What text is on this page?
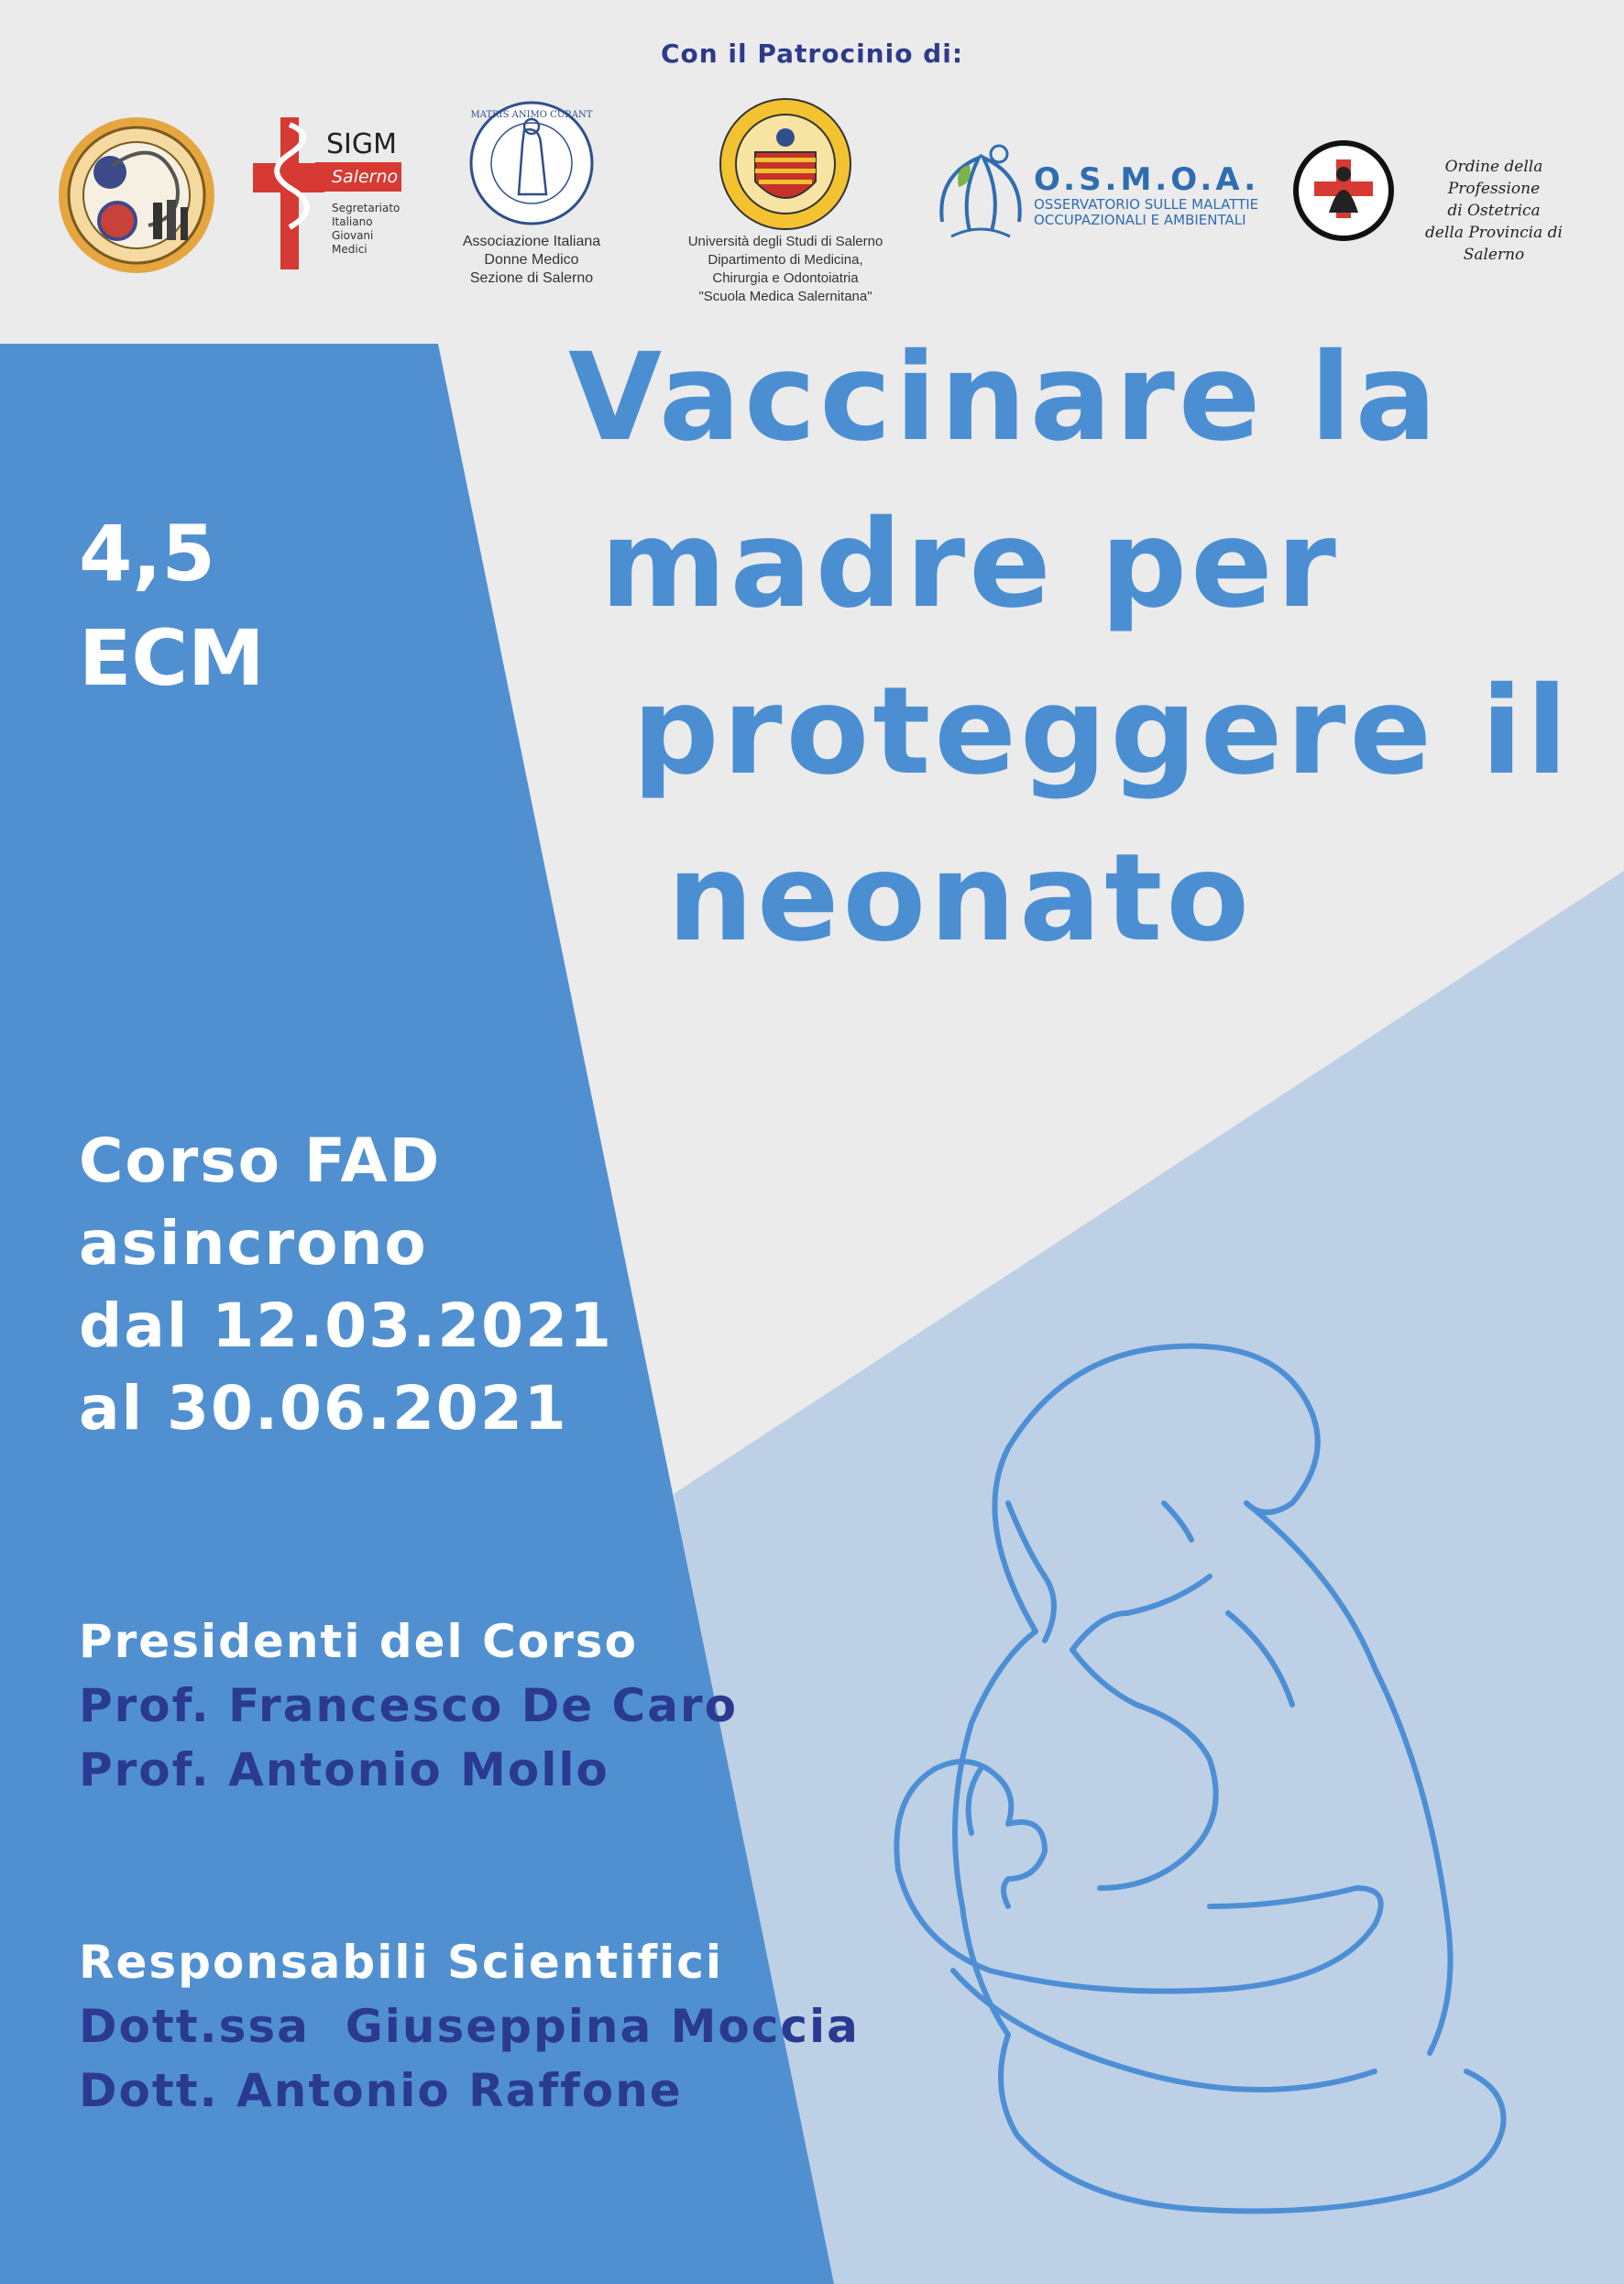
Con il Patrocinio di:
SIGM
Salerno
Segretariato
Italiano
Giovani
Medici
MATRIS ANIMO CURANT
Associazione Italiana
Donne Medico
Sezione di Salerno
Università degli Studi di Salerno
Dipartimento di Medicina,
Chirurgia e Odontoiatria
"Scuola Medica Salernitana"
O.S.M.O.A.
OSSERVATORIO SULLE MALATTIE
OCCUPAZIONALI E AMBIENTALI
Ordine della Professione
di Ostetrica
della Provincia di Salerno
Vaccinare la
madre per
proteggere il
neonato
4,5
ECM
Corso FAD
asincrono
dal 12.03.2021
al 30.06.2021
Presidenti del Corso
Prof. Francesco De Caro
Prof. Antonio Mollo
Responsabili Scientifici
Dott.ssa  Giuseppina Moccia
Dott. Antonio Raffone
